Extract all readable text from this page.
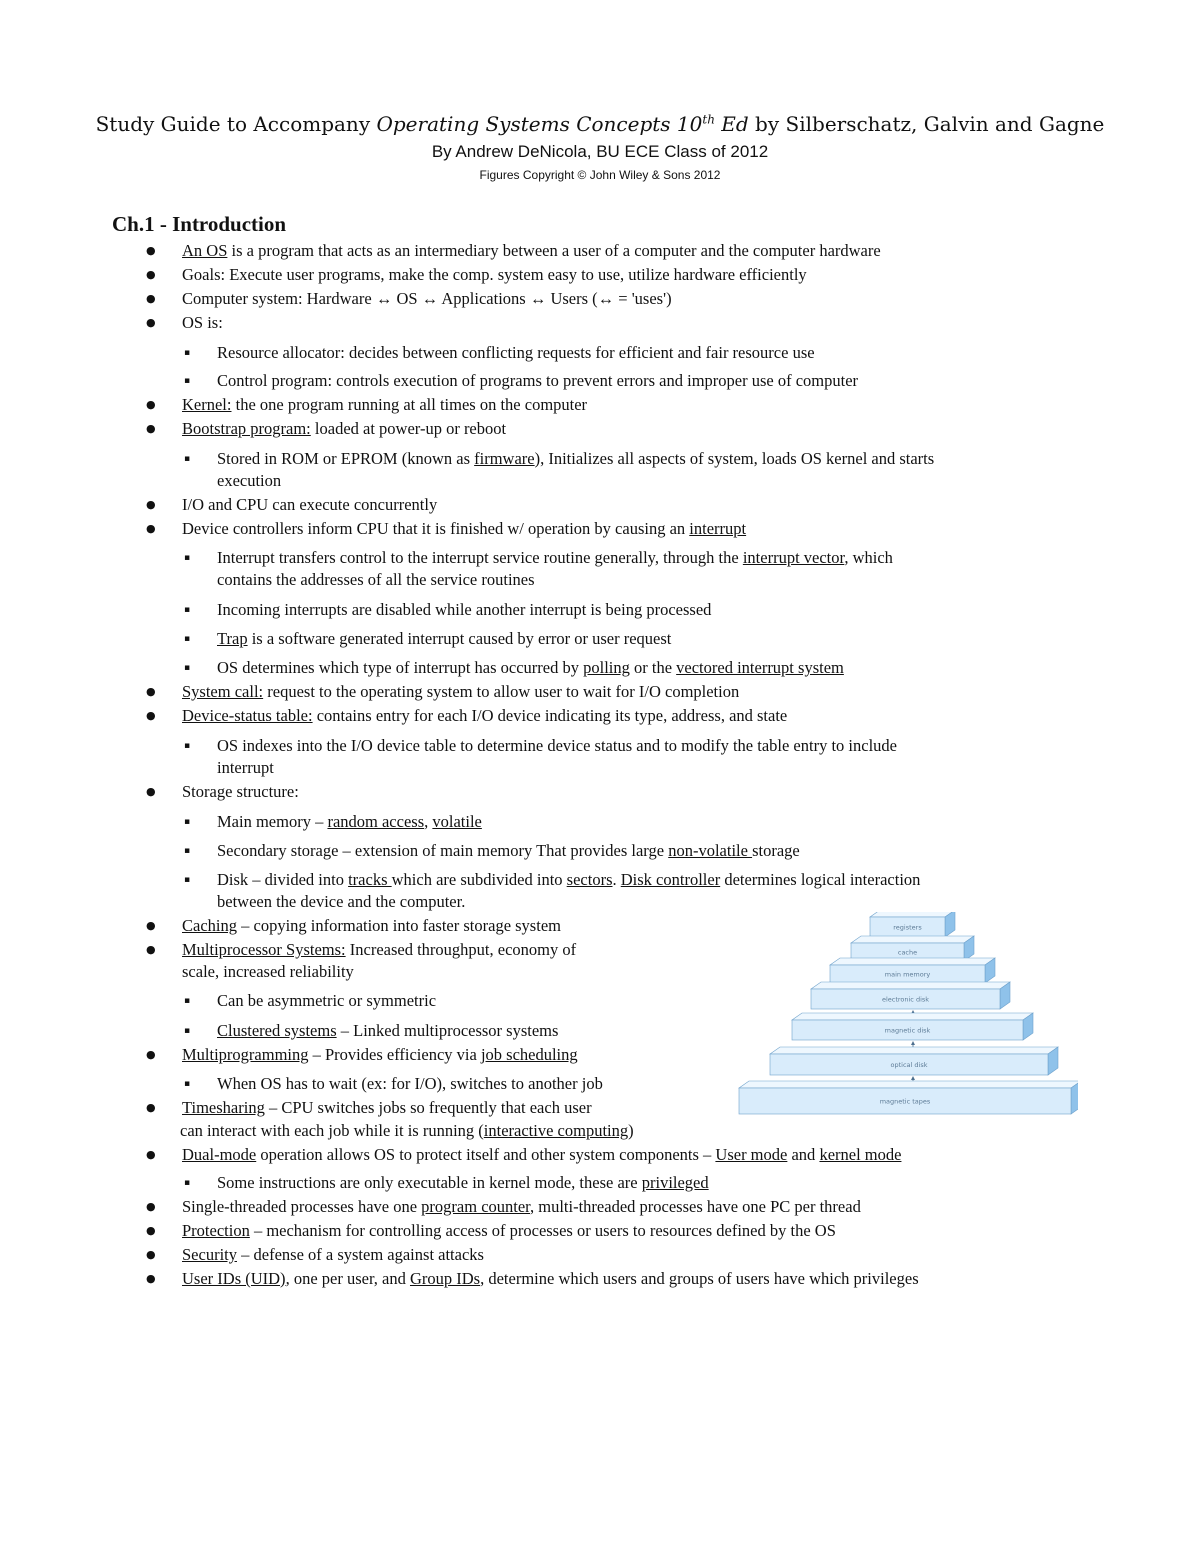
Study Guide to Accompany Operating Systems Concepts 10th Ed by Silberschatz, Galvin and Gagne
By Andrew DeNicola, BU ECE Class of 2012
Figures Copyright © John Wiley & Sons 2012
Ch.1 - Introduction
● An OS is a program that acts as an intermediary between a user of a computer and the computer hardware
● Goals: Execute user programs, make the comp. system easy to use, utilize hardware efficiently
● Computer system: Hardware ↔ OS ↔ Applications ↔ Users (↔ = 'uses')
● OS is:
▪ Resource allocator: decides between conflicting requests for efficient and fair resource use
▪ Control program: controls execution of programs to prevent errors and improper use of computer
● Kernel: the one program running at all times on the computer
● Bootstrap program: loaded at power-up or reboot
▪ Stored in ROM or EPROM (known as firmware), Initializes all aspects of system, loads OS kernel and starts
execution
● I/O and CPU can execute concurrently
● Device controllers inform CPU that it is finished w/ operation by causing an interrupt
▪ Interrupt transfers control to the interrupt service routine generally, through the interrupt vector, which
contains the addresses of all the service routines
▪ Incoming interrupts are disabled while another interrupt is being processed
▪ Trap is a software generated interrupt caused by error or user request
▪ OS determines which type of interrupt has occurred by polling or the vectored interrupt system
● System call: request to the operating system to allow user to wait for I/O completion
● Device-status table: contains entry for each I/O device indicating its type, address, and state
▪ OS indexes into the I/O device table to determine device status and to modify the table entry to include
interrupt
● Storage structure:
▪ Main memory – random access, volatile
▪ Secondary storage – extension of main memory That provides large non-volatile storage
▪ Disk – divided into tracks which are subdivided into sectors. Disk controller determines logical interaction
between the device and the computer.
● Caching – copying information into faster storage system
● Multiprocessor Systems: Increased throughput, economy of
scale, increased reliability
▪ Can be asymmetric or symmetric
▪ Clustered systems – Linked multiprocessor systems
● Multiprogramming – Provides efficiency via job scheduling
▪ When OS has to wait (ex: for I/O), switches to another job
● Timesharing – CPU switches jobs so frequently that each user
can interact with each job while it is running (interactive computing)
● Dual-mode operation allows OS to protect itself and other system components – User mode and kernel mode
▪ Some instructions are only executable in kernel mode, these are privileged
● Single-threaded processes have one program counter, multi-threaded processes have one PC per thread
● Protection – mechanism for controlling access of processes or users to resources defined by the OS
● Security – defense of a system against attacks
● User IDs (UID), one per user, and Group IDs, determine which users and groups of users have which privileges
registers
cache
main memory
electronic disk
magnetic disk
optical disk
magnetic tapes
